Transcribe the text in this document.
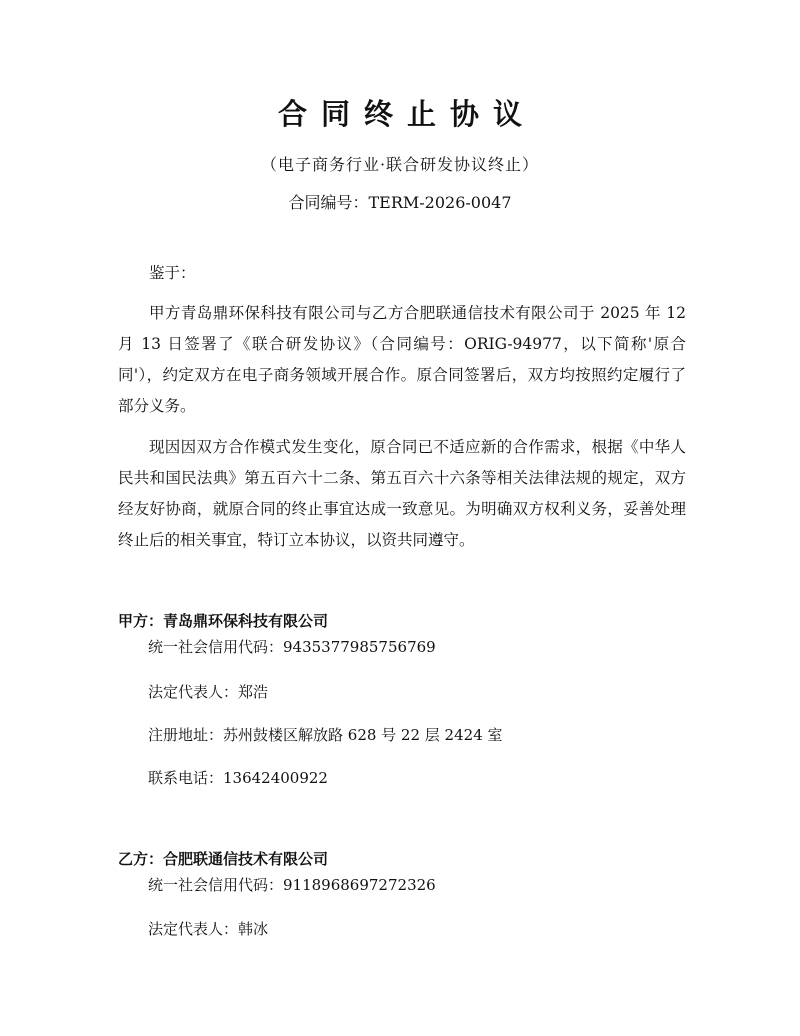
合同终止协议
（电子商务行业·联合研发协议终止）
合同编号：TERM-2026-0047

鉴于：

甲方青岛鼎环保科技有限公司与乙方合肥联通信技术有限公司于 2025 年 12 月 13 日签署了《联合研发协议》（合同编号：ORIG-94977，以下简称'原合同'），约定双方在电子商务领域开展合作。原合同签署后，双方均按照约定履行了部分义务。

现因因双方合作模式发生变化，原合同已不适应新的合作需求，根据《中华人民共和国民法典》第五百六十二条、第五百六十六条等相关法律法规的规定，双方经友好协商，就原合同的终止事宜达成一致意见。为明确双方权利义务，妥善处理终止后的相关事宜，特订立本协议，以资共同遵守。

甲方：青岛鼎环保科技有限公司
统一社会信用代码：9435377985756769
法定代表人：郑浩
注册地址：苏州鼓楼区解放路 628 号 22 层 2424 室
联系电话：13642400922
乙方：合肥联通信技术有限公司
统一社会信用代码：9118968697272326
法定代表人：韩冰
